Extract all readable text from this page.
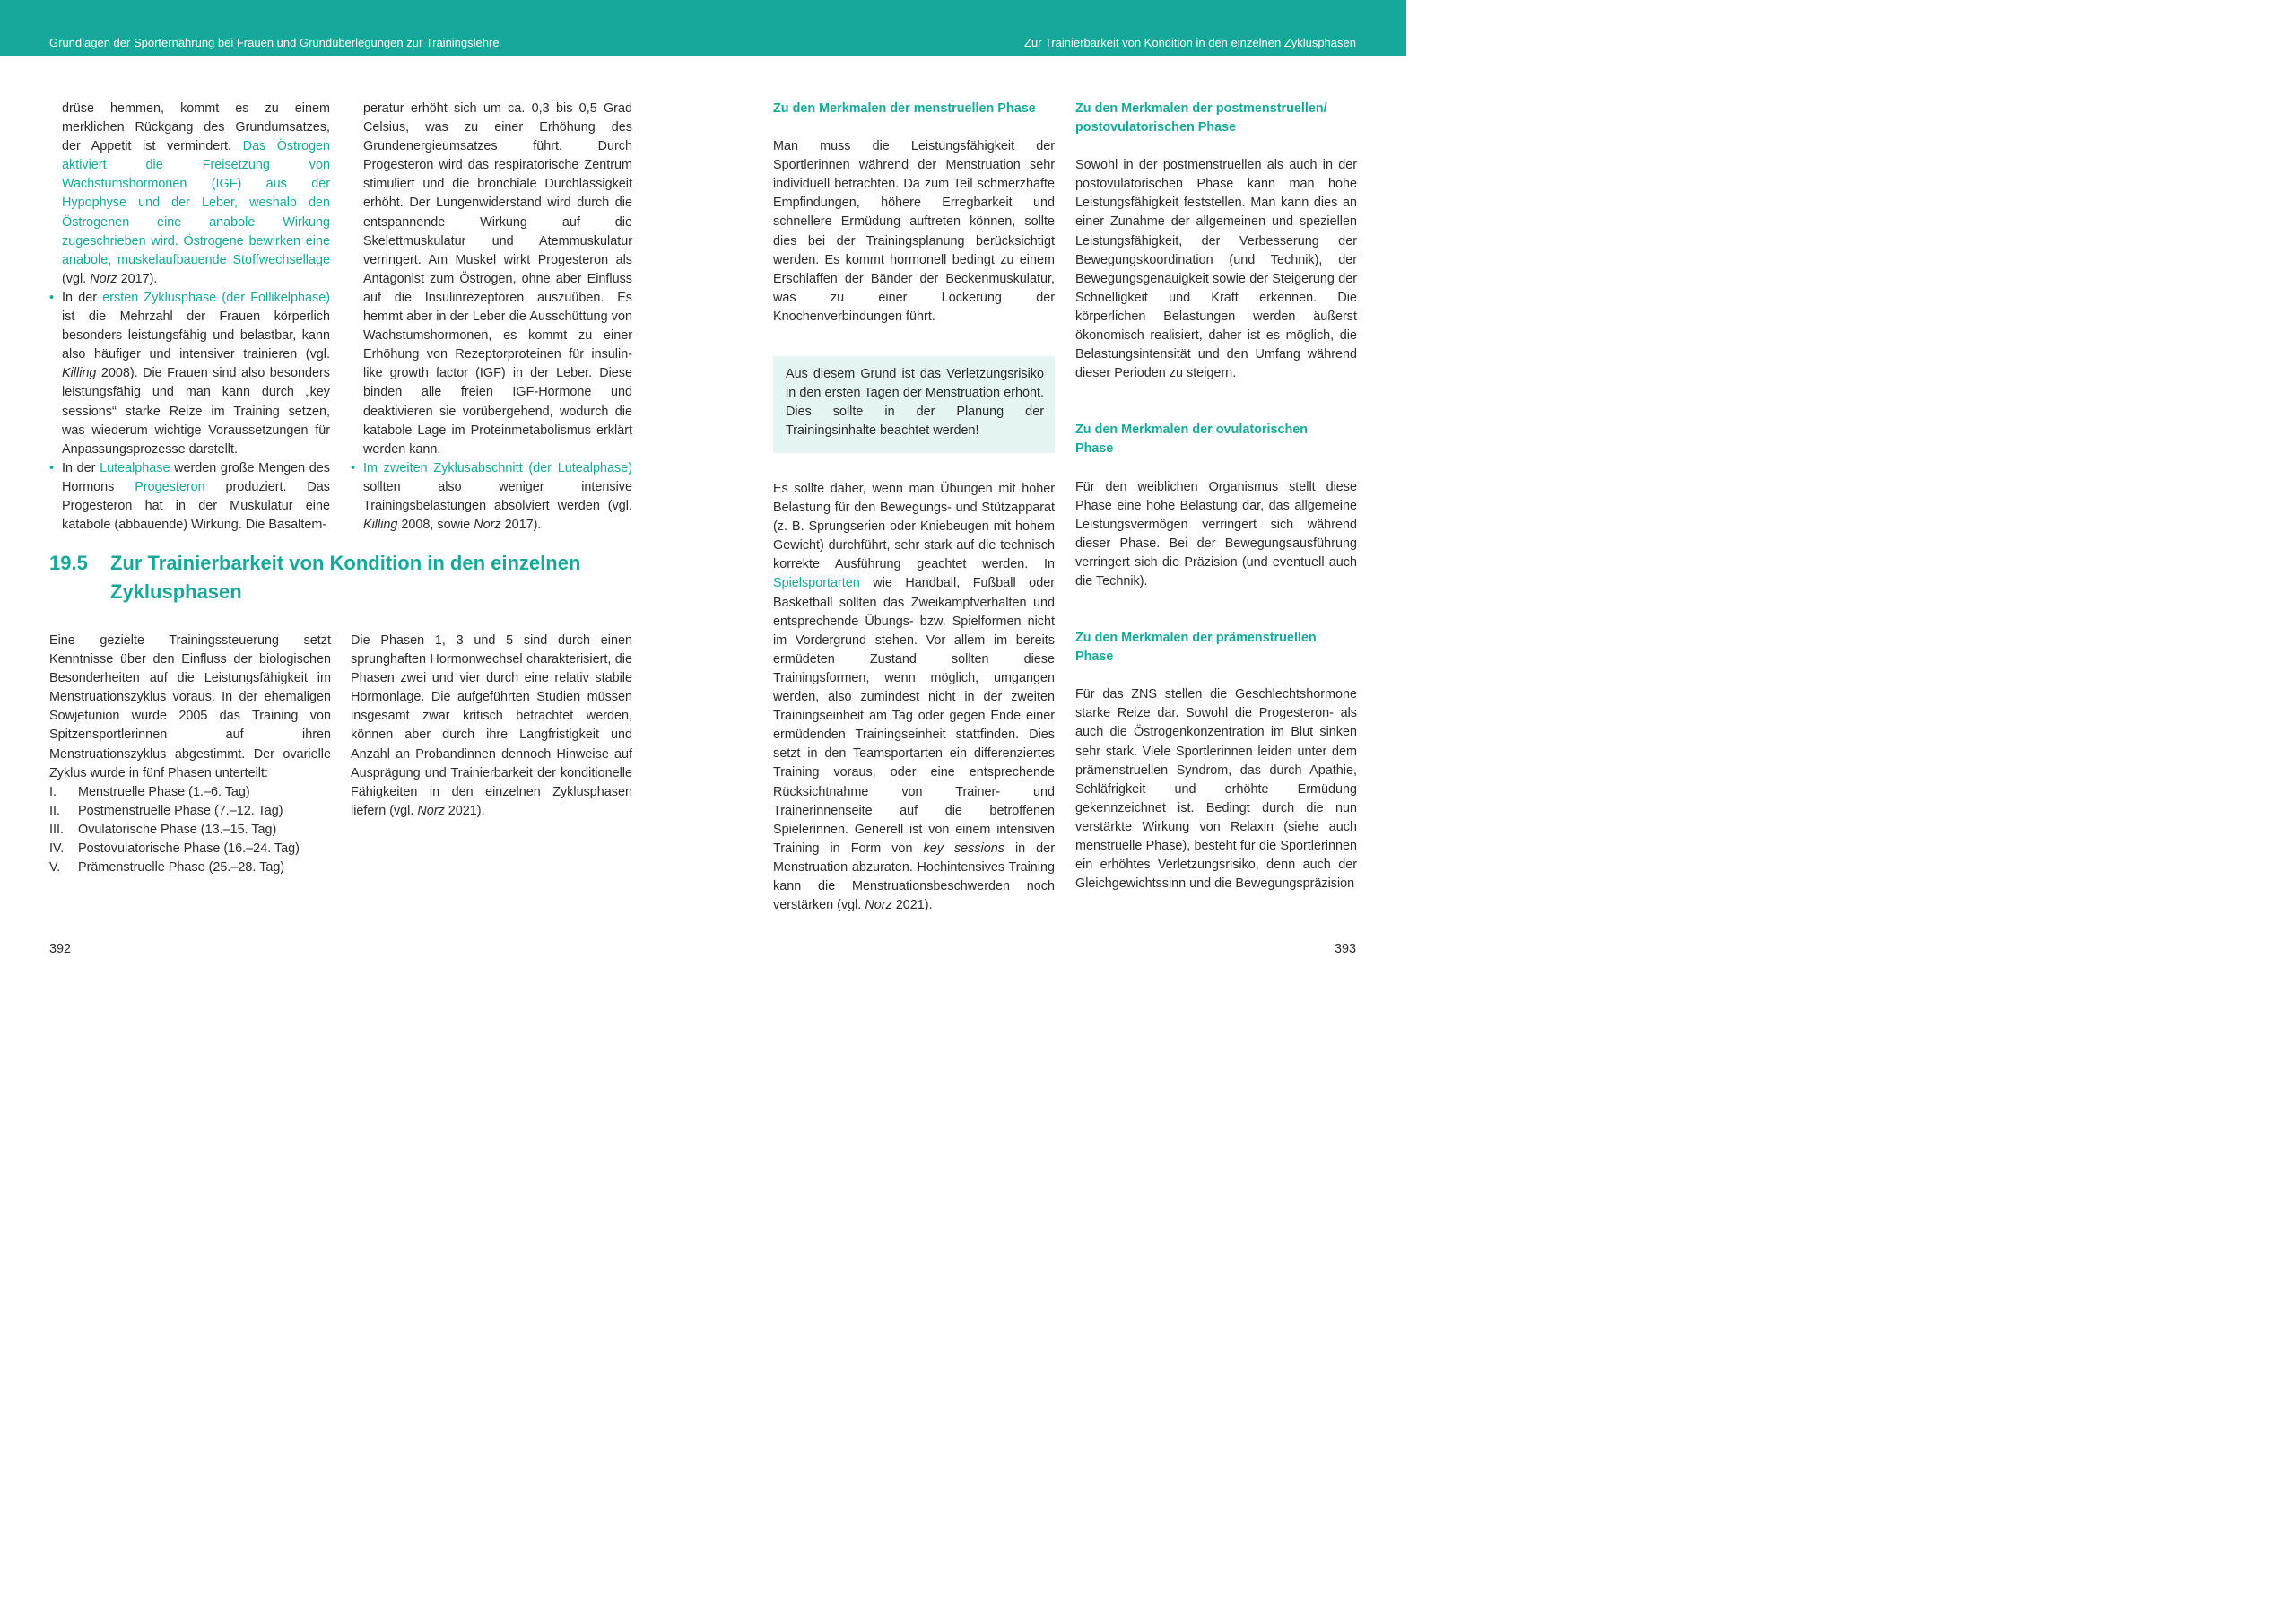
Grundlagen der Sporternährung bei Frauen und Grundüberlegungen zur Trainingslehre	Zur Trainierbarkeit von Kondition in den einzelnen Zyklusphasen

drüse hemmen, kommt es zu einem merklichen Rückgang des Grundumsatzes, der Appetit ist vermindert. Das Östrogen aktiviert die Freisetzung von Wachstumshormonen (IGF) aus der Hypophyse und der Leber, weshalb den Östrogenen eine anabole Wirkung zugeschrieben wird. Östrogene bewirken eine anabole, muskelaufbauende Stoffwechsellage (vgl. Norz 2017).

• In der ersten Zyklusphase (der Follikelphase) ist die Mehrzahl der Frauen körperlich besonders leistungsfähig und belastbar, kann also häufiger und intensiver trainieren (vgl. Killing 2008). Die Frauen sind also besonders leistungsfähig und man kann durch „key sessions“ starke Reize im Training setzen, was wiederum wichtige Voraussetzungen für Anpassungsprozesse darstellt.
• In der Lutealphase werden große Mengen des Hormons Progesteron produziert. Das Progesteron hat in der Muskulatur eine katabole (abbauende) Wirkung. Die Basaltem-

peratur erhöht sich um ca. 0,3 bis 0,5 Grad Celsius, was zu einer Erhöhung des Grundenergieumsatzes führt. Durch Progesteron wird das respiratorische Zentrum stimuliert und die bronchiale Durchlässigkeit erhöht. Der Lungenwiderstand wird durch die entspannende Wirkung auf die Skelettmuskulatur und Atemmuskulatur verringert. Am Muskel wirkt Progesteron als Antagonist zum Östrogen, ohne aber Einfluss auf die Insulinrezeptoren auszuüben. Es hemmt aber in der Leber die Ausschüttung von Wachstumshormonen, es kommt zu einer Erhöhung von Rezeptorproteinen für insulin-like growth factor (IGF) in der Leber. Diese binden alle freien IGF-Hormone und deaktivieren sie vorübergehend, wodurch die katabole Lage im Proteinmetabolismus erklärt werden kann.

• Im zweiten Zyklusabschnitt (der Lutealphase) sollten also weniger intensive Trainingsbelastungen absolviert werden (vgl. Killing 2008, sowie Norz 2017).
19.5 Zur Trainierbarkeit von Kondition in den einzelnen
Zyklusphasen

Eine gezielte Trainingssteuerung setzt Kenntnisse über den Einfluss der biologischen Besonderheiten auf die Leistungsfähigkeit im Menstruationszyklus voraus. In der ehemaligen Sowjetunion wurde 2005 das Training von Spitzensportlerinnen auf ihren Menstruationszyklus abgestimmt. Der ovarielle Zyklus wurde in fünf Phasen unterteilt:

I.	Menstruelle Phase (1.–6. Tag)
II.	Postmenstruelle Phase (7.–12. Tag)
III.	Ovulatorische Phase (13.–15. Tag)
IV.	Postovulatorische Phase (16.–24. Tag)
V.	Prämenstruelle Phase (25.–28. Tag)

Die Phasen 1, 3 und 5 sind durch einen sprunghaften Hormonwechsel charakterisiert, die Phasen zwei und vier durch eine relativ stabile Hormonlage. Die aufgeführten Studien müssen insgesamt zwar kritisch betrachtet werden, können aber durch ihre Langfristigkeit und Anzahl an Probandinnen dennoch Hinweise auf Ausprägung und Trainierbarkeit der konditionelle Fähigkeiten in den einzelnen Zyklusphasen liefern (vgl. Norz 2021).

Zu den Merkmalen der menstruellen Phase

Man muss die Leistungsfähigkeit der Sportlerinnen während der Menstruation sehr individuell betrachten. Da zum Teil schmerzhafte Empfindungen, höhere Erregbarkeit und schnellere Ermüdung auftreten können, sollte dies bei der Trainingsplanung berücksichtigt werden. Es kommt hormonell bedingt zu einem Erschlaffen der Bänder der Beckenmuskulatur, was zu einer Lockerung der Knochenverbindungen führt.

Aus diesem Grund ist das Verletzungsrisiko in den ersten Tagen der Menstruation erhöht. Dies sollte in der Planung der Trainingsinhalte beachtet werden!

Es sollte daher, wenn man Übungen mit hoher Belastung für den Bewegungs- und Stützapparat (z. B. Sprungserien oder Kniebeugen mit hohem Gewicht) durchführt, sehr stark auf die technisch korrekte Ausführung geachtet werden. In Spielsportarten wie Handball, Fußball oder Basketball sollten das Zweikampfverhalten und entsprechende Übungs- bzw. Spielformen nicht im Vordergrund stehen. Vor allem im bereits ermüdeten Zustand sollten diese Trainingsformen, wenn möglich, umgangen werden, also zumindest nicht in der zweiten Trainingseinheit am Tag oder gegen Ende einer ermüdenden Trainingseinheit stattfinden. Dies setzt in den Teamsportarten ein differenziertes Training voraus, oder eine entsprechende Rücksichtnahme von Trainer- und Trainerinnenseite auf die betroffenen Spielerinnen. Generell ist von einem intensiven Training in Form von key sessions in der Menstruation abzuraten. Hochintensives Training kann die Menstruationsbeschwerden noch verstärken (vgl. Norz 2021).

Zu den Merkmalen der postmenstruellen/
postovulatorischen Phase

Sowohl in der postmenstruellen als auch in der postovulatorischen Phase kann man hohe Leistungsfähigkeit feststellen. Man kann dies an einer Zunahme der allgemeinen und speziellen Leistungsfähigkeit, der Verbesserung der Bewegungskoordination (und Technik), der Bewegungsgenauigkeit sowie der Steigerung der Schnelligkeit und Kraft erkennen. Die körperlichen Belastungen werden äußerst ökonomisch realisiert, daher ist es möglich, die Belastungsintensität und den Umfang während dieser Perioden zu steigern.

Zu den Merkmalen der ovulatorischen
Phase

Für den weiblichen Organismus stellt diese Phase eine hohe Belastung dar, das allgemeine Leistungsvermögen verringert sich während dieser Phase. Bei der Bewegungsausführung verringert sich die Präzision (und eventuell auch die Technik).

Zu den Merkmalen der prämenstruellen
Phase

Für das ZNS stellen die Geschlechtshormone starke Reize dar. Sowohl die Progesteron- als auch die Östrogenkonzentration im Blut sinken sehr stark. Viele Sportlerinnen leiden unter dem prämenstruellen Syndrom, das durch Apathie, Schläfrigkeit und erhöhte Ermüdung gekennzeichnet ist. Bedingt durch die nun verstärkte Wirkung von Relaxin (siehe auch menstruelle Phase), besteht für die Sportlerinnen ein erhöhtes Verletzungsrisiko, denn auch der Gleichgewichtssinn und die Bewegungspräzision

392	393
